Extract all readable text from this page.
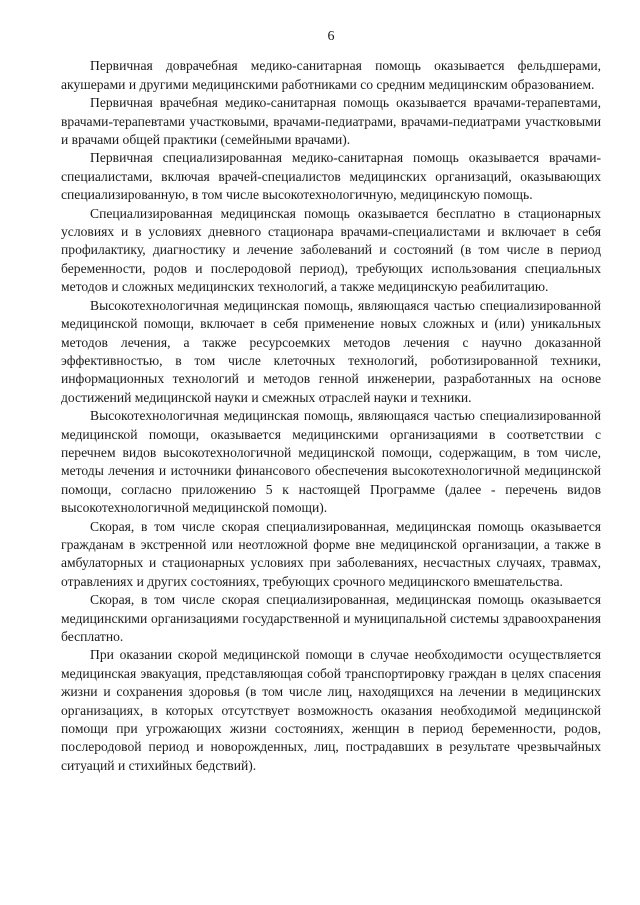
6

Первичная доврачебная медико-санитарная помощь оказывается фельдшерами, акушерами и другими медицинскими работниками со средним медицинским образованием.

Первичная врачебная медико-санитарная помощь оказывается врачами-терапевтами, врачами-терапевтами участковыми, врачами-педиатрами, врачами-педиатрами участковыми и врачами общей практики (семейными врачами).

Первичная специализированная медико-санитарная помощь оказывается врачами-специалистами, включая врачей-специалистов медицинских организаций, оказывающих специализированную, в том числе высокотехнологичную, медицинскую помощь.

Специализированная медицинская помощь оказывается бесплатно в стационарных условиях и в условиях дневного стационара врачами-специалистами и включает в себя профилактику, диагностику и лечение заболеваний и состояний (в том числе в период беременности, родов и послеродовой период), требующих использования специальных методов и сложных медицинских технологий, а также медицинскую реабилитацию.

Высокотехнологичная медицинская помощь, являющаяся частью специализированной медицинской помощи, включает в себя применение новых сложных и (или) уникальных методов лечения, а также ресурсоемких методов лечения с научно доказанной эффективностью, в том числе клеточных технологий, роботизированной техники, информационных технологий и методов генной инженерии, разработанных на основе достижений медицинской науки и смежных отраслей науки и техники.

Высокотехнологичная медицинская помощь, являющаяся частью специализированной медицинской помощи, оказывается медицинскими организациями в соответствии с перечнем видов высокотехнологичной медицинской помощи, содержащим, в том числе, методы лечения и источники финансового обеспечения высокотехнологичной медицинской помощи, согласно приложению 5 к настоящей Программе (далее - перечень видов высокотехнологичной медицинской помощи).

Скорая, в том числе скорая специализированная, медицинская помощь оказывается гражданам в экстренной или неотложной форме вне медицинской организации, а также в амбулаторных и стационарных условиях при заболеваниях, несчастных случаях, травмах, отравлениях и других состояниях, требующих срочного медицинского вмешательства.

Скорая, в том числе скорая специализированная, медицинская помощь оказывается медицинскими организациями государственной и муниципальной системы здравоохранения бесплатно.

При оказании скорой медицинской помощи в случае необходимости осуществляется медицинская эвакуация, представляющая собой транспортировку граждан в целях спасения жизни и сохранения здоровья (в том числе лиц, находящихся на лечении в медицинских организациях, в которых отсутствует возможность оказания необходимой медицинской помощи при угрожающих жизни состояниях, женщин в период беременности, родов, послеродовой период и новорожденных, лиц, пострадавших в результате чрезвычайных ситуаций и стихийных бедствий).
